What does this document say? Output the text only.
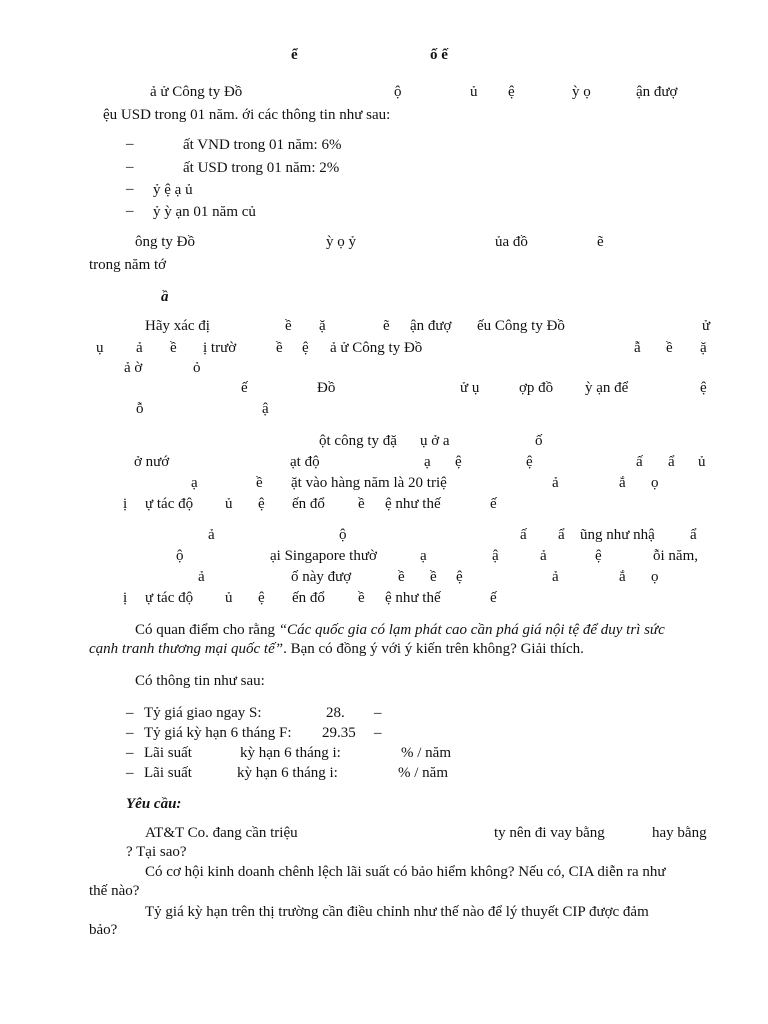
ể	ố ế
ả ử Công ty Đồ	ộ	ủ ệ	ỳ ọ	ận đượ
ệu USD trong 01 năm. ới các thông tin như sau:
–	ất VND trong 01 năm: 6%
–	ất USD trong 01 năm: 2%
– ỷ ệ ạ ủ
– ỷ ỳ ạn 01 năm củ
ông ty Đồ	ỳ ọ ỷ	ủa đồ	ẽ
trong năm tớ
ầ
Hãy xác đị	ề ặ	ẽ ận đượ ếu Công ty Đồ	ử
ụ ả ề ị trườ	ề ệ ả ử Công ty Đồ	ẫ ề ặ
ả ờ	ỏ
ế	Đồ	ử ụ	ợp đồ ỳ ạn để	ệ
ỗ	ậ
ột công ty đặ ụ ở a	ố
ở nướ	ạt độ	ạ ệ	ệ	ấ ẩ ủ
ạ	ề ặt vào hàng năm là 20 triệ	ả	ắ ọ
ị ự tác độ ủ ệ ến đổ ề ệ như thế	ế
ả	ộ	ấ ẩ ũng như nhậ ẩ
ộ	ại Singapore thườ	ạ	ậ	ả	ệ	ỗi năm,
ả	ố này đượ	ề ề ệ	ả	ắ ọ
ị ự tác độ ủ ệ ến đổ ề ệ như thế	ế
Có quan điểm cho rằng “Các quốc gia có lạm phát cao cần phá giá nội tệ để duy trì sức
cạnh tranh thương mại quốc tế”. Bạn có đồng ý với ý kiến trên không? Giải thích.
Có thông tin như sau:
– Tỷ giá giao ngay S:	28. –
– Tỷ giá kỳ hạn 6 tháng F: 29.35 –
– Lãi suất	kỳ hạn 6 tháng i:	% / năm
– Lãi suất	kỳ hạn 6 tháng i:	% / năm
Yêu cầu:
AT&T Co. đang cần triệu	ty nên đi vay bằng	hay bằng
? Tại sao?
Có cơ hội kinh doanh chênh lệch lãi suất có bảo hiểm không? Nếu có, CIA diễn ra như
thế nào?
Tỷ giá kỳ hạn trên thị trường cần điều chỉnh như thế nào để lý thuyết CIP được đảm
bảo?
